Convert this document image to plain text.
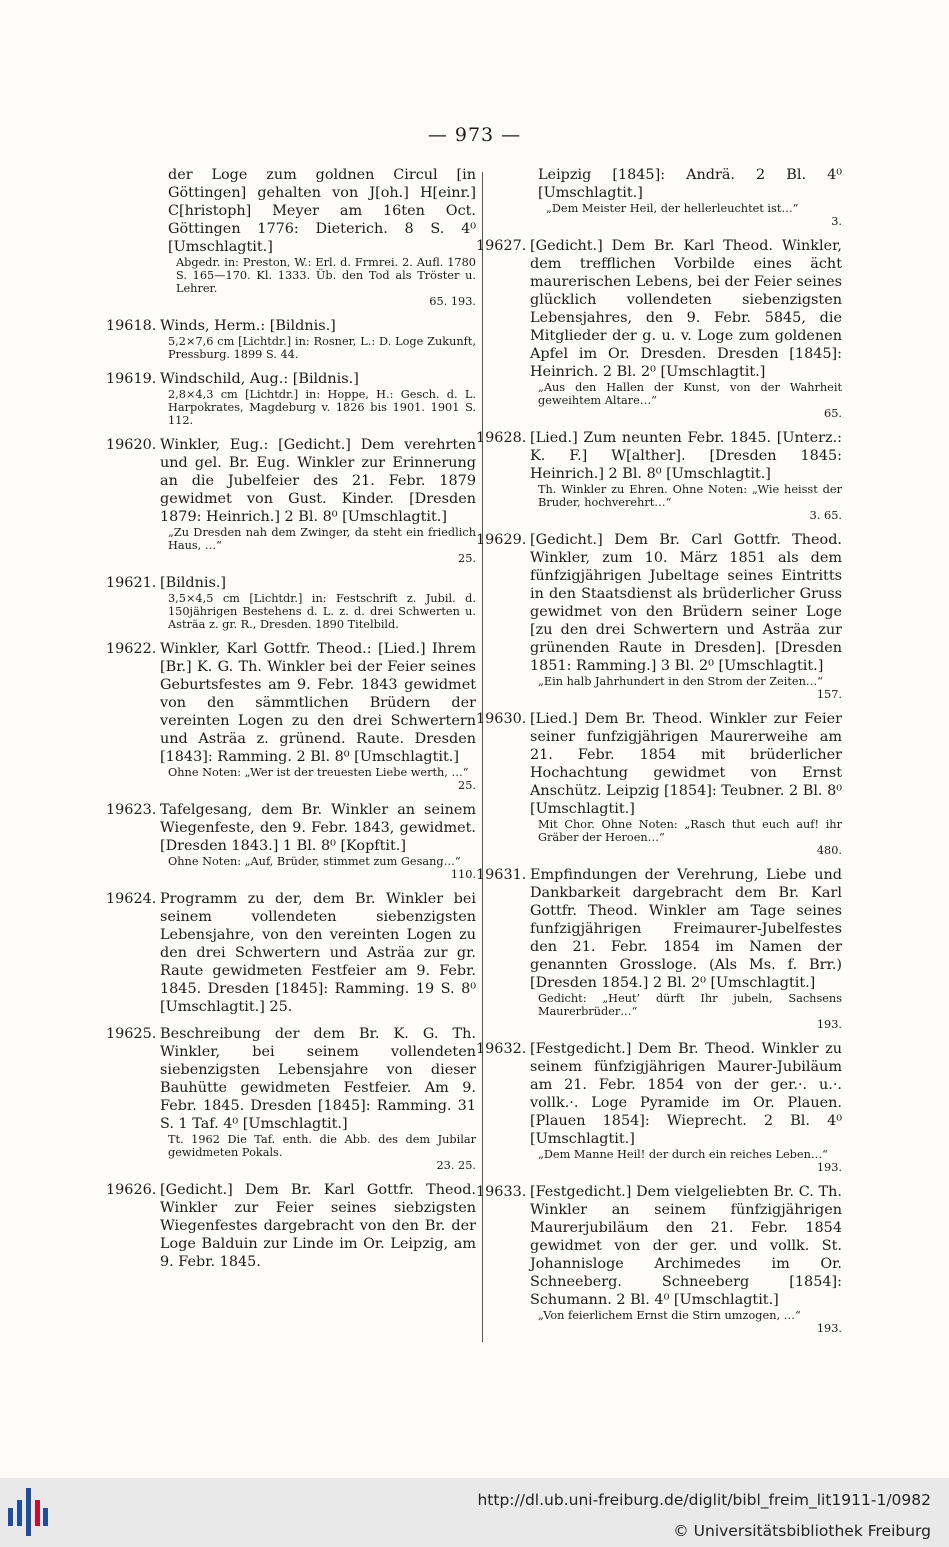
— 973 —
der Loge zum goldnen Circul [in Göttingen] gehalten von J[oh.] H[einr.] C[hristoph] Meyer am 16ten Oct. Göttingen 1776: Dieterich. 8 S. 4⁰ [Umschlagtit.]
Abgedr. in: Preston, W.: Erl. d. Frmrei. 2. Aufl. 1780 S. 165—170. Kl. 1333. Üb. den Tod als Tröster u. Lehrer.
65. 193.
19618. Winds, Herm.: [Bildnis.]
5,2×7,6 cm [Lichtdr.] in: Rosner, L.: D. Loge Zukunft, Pressburg. 1899 S. 44.
19619. Windschild, Aug.: [Bildnis.]
2,8×4,3 cm [Lichtdr.] in: Hoppe, H.: Gesch. d. L. Harpokrates, Magdeburg v. 1826 bis 1901. 1901 S. 112.
19620. Winkler, Eug.: [Gedicht.] Dem verehrten und gel. Br. Eug. Winkler zur Erinnerung an die Jubelfeier des 21. Febr. 1879 gewidmet von Gust. Kinder. [Dresden 1879: Heinrich.] 2 Bl. 8⁰ [Umschlagtit.]
„Zu Dresden nah dem Zwinger, da steht ein friedlich Haus, …“
25.
19621. [Bildnis.]
3,5×4,5 cm [Lichtdr.] in: Festschrift z. Jubil. d. 150jährigen Bestehens d. L. z. d. drei Schwerten u. Asträa z. gr. R., Dresden. 1890 Titelbild.
19622. Winkler, Karl Gottfr. Theod.: [Lied.] Ihrem [Br.] K. G. Th. Winkler bei der Feier seines Geburtsfestes am 9. Febr. 1843 gewidmet von den sämmtlichen Brüdern der vereinten Logen zu den drei Schwertern und Asträa z. grünend. Raute. Dresden [1843]: Ramming. 2 Bl. 8⁰ [Umschlagtit.]
Ohne Noten: „Wer ist der treuesten Liebe werth, …“
25.
19623. Tafelgesang, dem Br. Winkler an seinem Wiegenfeste, den 9. Febr. 1843, gewidmet. [Dresden 1843.] 1 Bl. 8⁰ [Kopftit.]
Ohne Noten: „Auf, Brüder, stimmet zum Gesang…“
110.
19624. Programm zu der, dem Br. Winkler bei seinem vollendeten siebenzigsten Lebensjahre, von den vereinten Logen zu den drei Schwertern und Asträa zur gr. Raute gewidmeten Festfeier am 9. Febr. 1845. Dresden [1845]: Ramming. 19 S. 8⁰ [Umschlagtit.] 25.
19625. Beschreibung der dem Br. K. G. Th. Winkler, bei seinem vollendeten siebenzigsten Lebensjahre von dieser Bauhütte gewidmeten Festfeier. Am 9. Febr. 1845. Dresden [1845]: Ramming. 31 S. 1 Taf. 4⁰ [Umschlagtit.]
Tt. 1962 Die Taf. enth. die Abb. des dem Jubilar gewidmeten Pokals.
23. 25.
19626. [Gedicht.] Dem Br. Karl Gottfr. Theod. Winkler zur Feier seines siebzigsten Wiegenfestes dargebracht von den Br. der Loge Balduin zur Linde im Or. Leipzig, am 9. Febr. 1845.
Leipzig [1845]: Andrä. 2 Bl. 4⁰ [Umschlagtit.]
„Dem Meister Heil, der hellerleuchtet ist…“
3.
19627. [Gedicht.] Dem Br. Karl Theod. Winkler, dem trefflichen Vorbilde eines ächt maurerischen Lebens, bei der Feier seines glücklich vollendeten siebenzigsten Lebensjahres, den 9. Febr. 5845, die Mitglieder der g. u. v. Loge zum goldenen Apfel im Or. Dresden. Dresden [1845]: Heinrich. 2 Bl. 2⁰ [Umschlagtit.]
„Aus den Hallen der Kunst, von der Wahrheit geweihtem Altare…“
65.
19628. [Lied.] Zum neunten Febr. 1845. [Unterz.: K. F.] W[alther]. [Dresden 1845: Heinrich.] 2 Bl. 8⁰ [Umschlagtit.]
Th. Winkler zu Ehren. Ohne Noten: „Wie heisst der Bruder, hochverehrt…“
3. 65.
19629. [Gedicht.] Dem Br. Carl Gottfr. Theod. Winkler, zum 10. März 1851 als dem fünfzigjährigen Jubeltage seines Eintritts in den Staatsdienst als brüderlicher Gruss gewidmet von den Brüdern seiner Loge [zu den drei Schwertern und Asträa zur grünenden Raute in Dresden]. [Dresden 1851: Ramming.] 3 Bl. 2⁰ [Umschlagtit.]
„Ein halb Jahrhundert in den Strom der Zeiten…“
157.
19630. [Lied.] Dem Br. Theod. Winkler zur Feier seiner funfzigjährigen Maurerweihe am 21. Febr. 1854 mit brüderlicher Hochachtung gewidmet von Ernst Anschütz. Leipzig [1854]: Teubner. 2 Bl. 8⁰ [Umschlagtit.]
Mit Chor. Ohne Noten: „Rasch thut euch auf! ihr Gräber der Heroen…“
480.
19631. Empfindungen der Verehrung, Liebe und Dankbarkeit dargebracht dem Br. Karl Gottfr. Theod. Winkler am Tage seines funfzigjährigen Freimaurer-Jubelfestes den 21. Febr. 1854 im Namen der genannten Grossloge. (Als Ms. f. Brr.) [Dresden 1854.] 2 Bl. 2⁰ [Umschlagtit.]
Gedicht: „Heut’ dürft Ihr jubeln, Sachsens Maurerbrüder…“
193.
19632. [Festgedicht.] Dem Br. Theod. Winkler zu seinem fünfzigjährigen Maurer-Jubiläum am 21. Febr. 1854 von der ger.·. u.·. vollk.·. Loge Pyramide im Or. Plauen. [Plauen 1854]: Wieprecht. 2 Bl. 4⁰ [Umschlagtit.]
„Dem Manne Heil! der durch ein reiches Leben…“
193.
19633. [Festgedicht.] Dem vielgeliebten Br. C. Th. Winkler an seinem fünfzigjährigen Maurerjubiläum den 21. Febr. 1854 gewidmet von der ger. und vollk. St. Johannisloge Archimedes im Or. Schneeberg. Schneeberg [1854]: Schumann. 2 Bl. 4⁰ [Umschlagtit.]
„Von feierlichem Ernst die Stirn umzogen, …“
193.
http://dl.ub.uni-freiburg.de/diglit/bibl_freim_lit1911-1/0982
© Universitätsbibliothek Freiburg
